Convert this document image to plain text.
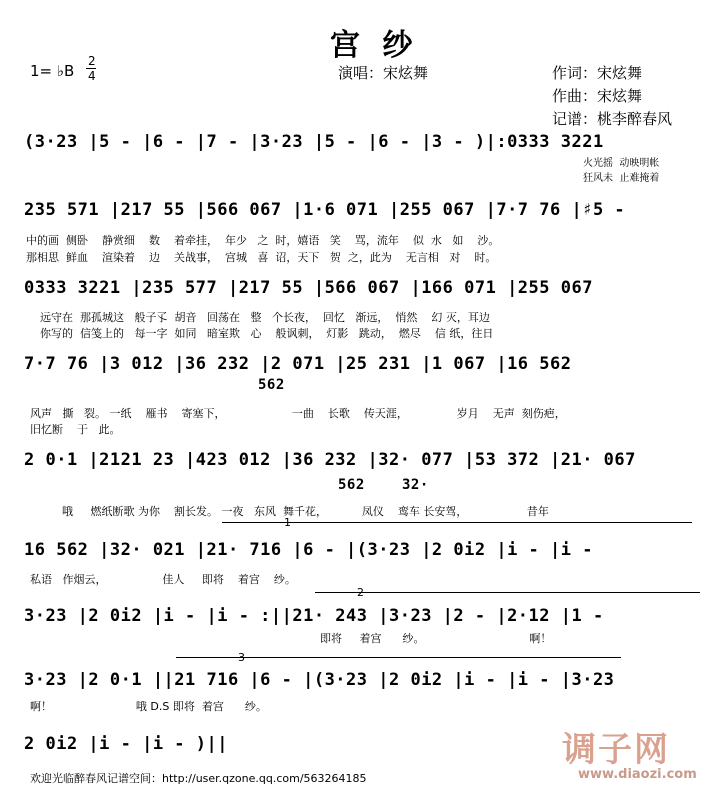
宫 纱
1= ♭B
2
4	演唱：宋炫舞	作词：宋炫舞
作曲：宋炫舞
记谱：桃李醉春风
(3·23 |5 - |6 - |7 - |3·23 |5 - |6 - |3 - )|:0333 3221
火光摇  动映明帐
狂风未  止难掩着
235 571 |217 55 |566 067 |1·6 071 |255 067 |7·7 76 |♯5 -
中的画  侧卧    静赏细    数    着牵挂，  年少   之  时，嬉语   笑    骂，流年    似  水   如    沙。
那相思  鲜血    渲染着    边    关战事，  宫城   喜  诏，天下   贺  之，此为    无言相   对    时。
0333 3221 |235 577 |217 55 |566 067 |166 071 |255 067
远守在  那孤城这   般子孓  胡音   回荡在   整   个长夜，  回忆   渐远，  悄然    幻 灭，耳边
你写的  信笺上的   每一字  如同   暗室欺   心    般讽刺，  灯影   跳动，  燃尽    信 纸，往日
7·7 76 |3 012 |36 232 |2 071 |25 231 |1 067 |16 562
562
风声   撕   裂。 一纸    雁书    寄塞下，                   一曲    长歌    传天涯，              岁月    无声  刻伤疤，
旧忆断    于   此。
2 0·1 |2121 23 |423 012 |36 232 |32· 077 |53 372 |21· 067
562	32·
哦     燃纸断歌 为你    割长发。 一夜   东风  舞千花，          凤仪    鸾车 长安驾，                 昔年
1
16 562 |32· 021 |21· 716 |6 - |(3·23 |2 0i2 |i - |i -
私语   作烟云，                佳人     即将    着宫    纱。
2
3·23 |2 0i2 |i - |i - :||21· 243 |3·23 |2 - |2·12 |1 -
即将     着宫      纱。                              啊！
3
3·23 |2 0·1 ||21 716 |6 - |(3·23 |2 0i2 |i - |i - |3·23
啊！                        哦 D.S 即将  着宫      纱。
2 0i2 |i - |i - )||
欢迎光临醉春风记谱空间：http://user.qzone.qq.com/563264185
调子网
www.diaozi.com
